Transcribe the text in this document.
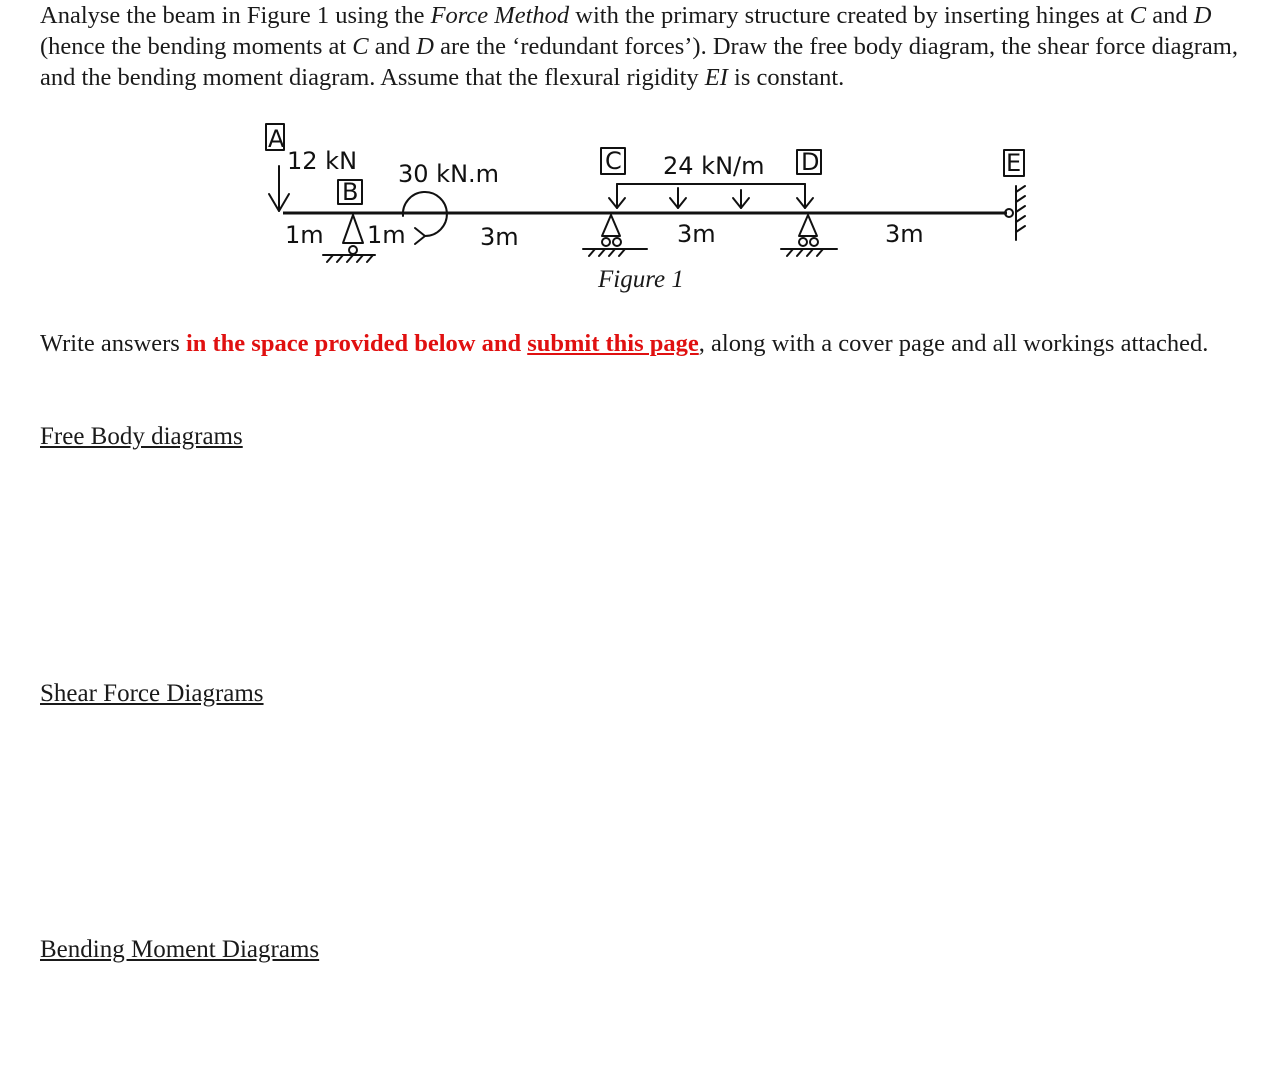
Analyse the beam in Figure 1 using the Force Method with the primary structure created by inserting hinges at C and D (hence the bending moments at C and D are the ‘redundant forces’). Draw the free body diagram, the shear force diagram, and the bending moment diagram. Assume that the flexural rigidity EI is constant.

A
12 kN
B
1m 1m
30 kN.m
3m
C 24 kN/m
3m
D
3m
E
Figure 1

Write answers in the space provided below and submit this page, along with a cover page and all workings attached.

Free Body diagrams
Shear Force Diagrams
Bending Moment Diagrams
